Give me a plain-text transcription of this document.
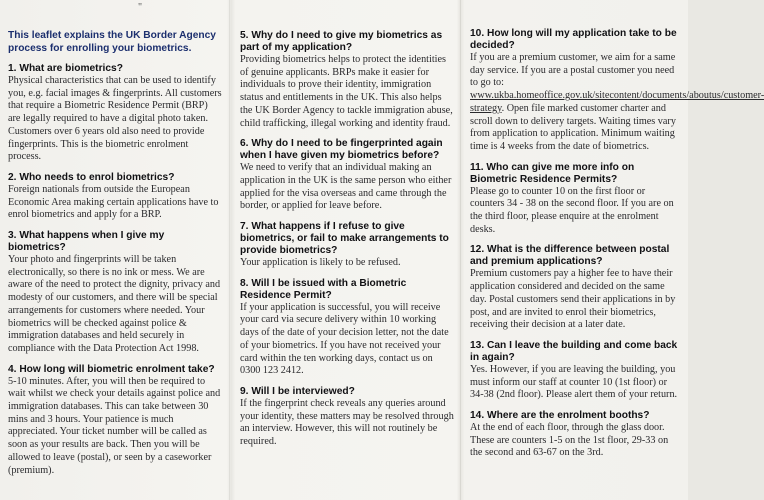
"
This leaflet explains the UK Border Agency process for enrolling your biometrics.
1. What are biometrics?
Physical characteristics that can be used to identify you, e.g. facial images & fingerprints. All customers that require a Biometric Residence Permit (BRP) are legally required to have a digital photo taken. Customers over 6 years old also need to provide fingerprints. This is the biometric enrolment process.
2. Who needs to enrol biometrics?
Foreign nationals from outside the European Economic Area making certain applications have to enrol biometrics and apply for a BRP.
3. What happens when I give my biometrics?
Your photo and fingerprints will be taken electronically, so there is no ink or mess. We are aware of the need to protect the dignity, privacy and modesty of our customers, and there will be special arrangements for customers where needed. Your biometrics will be checked against police & immigration databases and held securely in compliance with the Data Protection Act 1998.
4. How long will biometric enrolment take?
5-10 minutes. After, you will then be required to wait whilst we check your details against police and immigration databases. This can take between 30 mins and 3 hours. Your patience is much appreciated. Your ticket number will be called as soon as your results are back. Then you will be allowed to leave (postal), or seen by a caseworker (premium).
5. Why do I need to give my biometrics as part of my application?
Providing biometrics helps to protect the identities of genuine applicants. BRPs make it easier for individuals to prove their identity, immigration status and entitlements in the UK. This also helps the UK Border Agency to tackle immigration abuse, child trafficking, illegal working and identity fraud.
6. Why do I need to be fingerprinted again when I have given my biometrics before?
We need to verify that an individual making an application in the UK is the same person who either applied for the visa overseas and came through the border, or applied for leave before.
7. What happens if I refuse to give biometrics, or fail to make arrangements to provide biometrics?
Your application is likely to be refused.
8. Will I be issued with a Biometric Residence Permit?
If your application is successful, you will receive your card via secure delivery within 10 working days of the date of your decision letter, not the date of your biometrics. If you have not received your card within the ten working days, contact us on 0300 123 2412.
9. Will I be interviewed?
If the fingerprint check reveals any queries around your identity, these matters may be resolved through an interview. However, this will not routinely be required.
10. How long will my application take to be decided?
If you are a premium customer, we aim for a same day service. If you are a postal customer you need to go to: www.ukba.homeoffice.gov.uk/sitecontent/documents/aboutus/customer-strategy. Open file marked customer charter and scroll down to delivery targets. Waiting times vary from application to application. Minimum waiting time is 4 weeks from the date of biometrics.
11. Who can give me more info on Biometric Residence Permits?
Please go to counter 10 on the first floor or counters 34 - 38 on the second floor. If you are on the third floor, please enquire at the enrolment desks.
12. What is the difference between postal and premium applications?
Premium customers pay a higher fee to have their application considered and decided on the same day. Postal customers send their applications in by post, and are invited to enrol their biometrics, receiving their decision at a later date.
13. Can I leave the building and come back in again?
Yes. However, if you are leaving the building, you must inform our staff at counter 10 (1st floor) or 34-38 (2nd floor). Please alert them of your return.
14. Where are the enrolment booths?
At the end of each floor, through the glass door. These are counters 1-5 on the 1st floor, 29-33 on the second and 63-67 on the 3rd.
